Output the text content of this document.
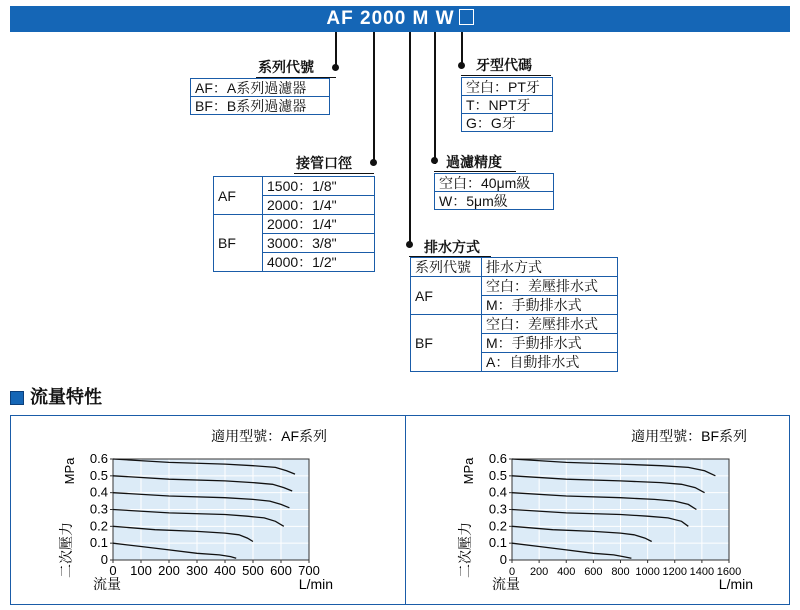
AF 2000 M W
系列代號
AF：A系列過濾器
BF：B系列過濾器
接管口徑
AF	1500：1/8"
	2000：1/4"
BF	2000：1/4"
	3000：3/8"
	4000：1/2"
牙型代碼
空白：PT牙
T：NPT牙
G：G牙
過濾精度
空白：40μm級
W：5μm級
排水方式
系列代號	排水方式
AF	空白：差壓排水式
	M：手動排水式
BF	空白：差壓排水式
	M：手動排水式
	A：自動排水式
流量特性
0
0.1
0.2
0.3
0.4
0.5
0.6
0 100 200 300 400 500 600 700
適用型號：AF系列
流量	L/min
MPa
二次壓力	0
0.1
0.2
0.3
0.4
0.5
0.6
0 200 400 600 800 1000 1200 1400 1600
適用型號：BF系列
流量	L/min
MPa
二次壓力
